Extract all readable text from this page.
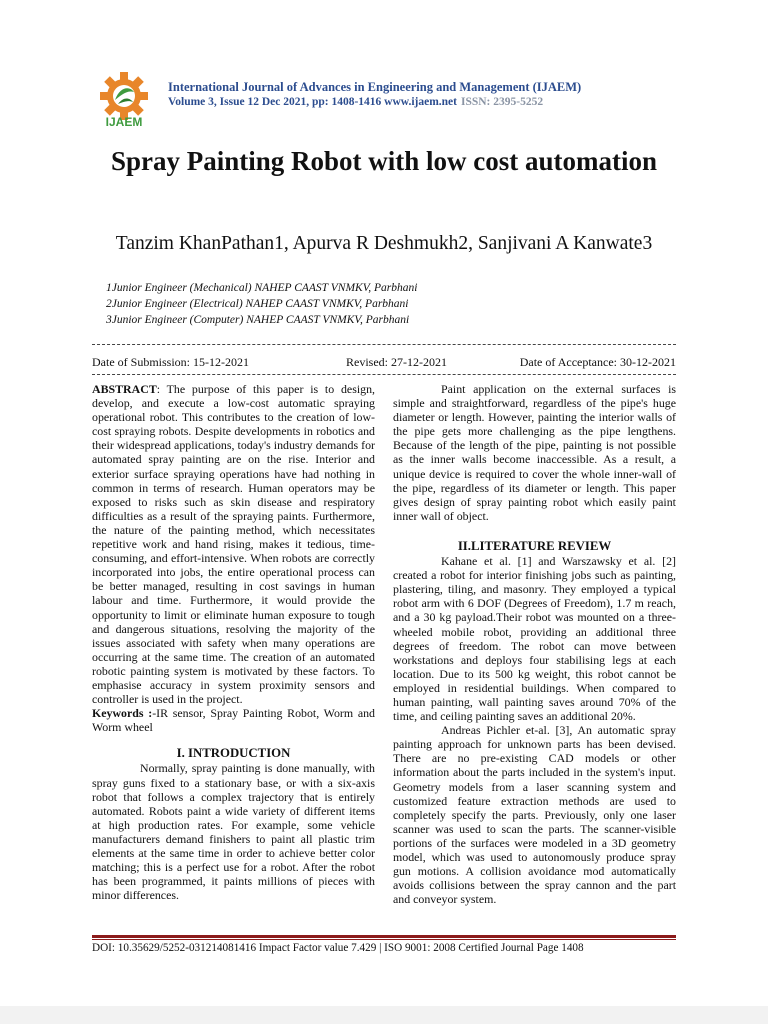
IJAEM
International Journal of Advances in Engineering and Management (IJAEM)
Volume 3, Issue 12 Dec 2021, pp: 1408-1416 www.ijaem.net ISSN: 2395-5252
Spray Painting Robot with low cost automation
Tanzim KhanPathan1, Apurva R Deshmukh2, Sanjivani A Kanwate3
1Junior Engineer (Mechanical) NAHEP CAAST VNMKV, Parbhani
2Junior Engineer (Electrical) NAHEP CAAST VNMKV, Parbhani
3Junior Engineer (Computer) NAHEP CAAST VNMKV, Parbhani
Date of Submission: 15-12-2021	Revised: 27-12-2021	Date of Acceptance: 30-12-2021

ABSTRACT: The purpose of this paper is to design, develop, and execute a low-cost automatic spraying operational robot. This contributes to the creation of low-cost spraying robots. Despite developments in robotics and their widespread applications, today's industry demands for automated spray painting are on the rise. Interior and exterior surface spraying operations have had nothing in common in terms of research. Human operators may be exposed to risks such as skin disease and respiratory difficulties as a result of the spraying paints. Furthermore, the nature of the painting method, which necessitates repetitive work and hand rising, makes it tedious, time-consuming, and effort-intensive. When robots are correctly incorporated into jobs, the entire operational process can be better managed, resulting in cost savings in human labour and time. Furthermore, it would provide the opportunity to limit or eliminate human exposure to tough and dangerous situations, resolving the majority of the issues associated with safety when many operations are occurring at the same time. The creation of an automated robotic painting system is motivated by these factors. To emphasise accuracy in system proximity sensors and controller is used in the project.

Keywords :-IR sensor, Spray Painting Robot, Worm and Worm wheel

I. INTRODUCTION

Normally, spray painting is done manually, with spray guns fixed to a stationary base, or with a six-axis robot that follows a complex trajectory that is entirely automated. Robots paint a wide variety of different items at high production rates. For example, some vehicle manufacturers demand finishers to paint all plastic trim elements at the same time in order to achieve better color matching; this is a perfect use for a robot. After the robot has been programmed, it paints millions of pieces with minor differences.

Paint application on the external surfaces is simple and straightforward, regardless of the pipe's huge diameter or length. However, painting the interior walls of the pipe gets more challenging as the pipe lengthens. Because of the length of the pipe, painting is not possible as the inner walls become inaccessible. As a result, a unique device is required to cover the whole inner-wall of the pipe, regardless of its diameter or length. This paper gives design of spray painting robot which easily paint inner wall of object.

II.LITERATURE REVIEW

Kahane et al. [1] and Warszawsky et al. [2] created a robot for interior finishing jobs such as painting, plastering, tiling, and masonry. They employed a typical robot arm with 6 DOF (Degrees of Freedom), 1.7 m reach, and a 30 kg payload.Their robot was mounted on a three-wheeled mobile robot, providing an additional three degrees of freedom. The robot can move between workstations and deploys four stabilising legs at each location. Due to its 500 kg weight, this robot cannot be employed in residential buildings. When compared to human painting, wall painting saves around 70% of the time, and ceiling painting saves an additional 20%.

Andreas Pichler et-al. [3], An automatic spray painting approach for unknown parts has been devised. There are no pre-existing CAD models or other information about the parts included in the system's input. Geometry models from a laser scanning system and customized feature extraction methods are used to completely specify the parts. Previously, only one laser scanner was used to scan the parts. The scanner-visible portions of the surfaces were modeled in a 3D geometry model, which was used to autonomously produce spray gun motions. A collision avoidance mod automatically avoids collisions between the spray cannon and the part and conveyor system.

DOI: 10.35629/5252-031214081416 Impact Factor value 7.429 | ISO 9001: 2008 Certified Journal Page 1408
